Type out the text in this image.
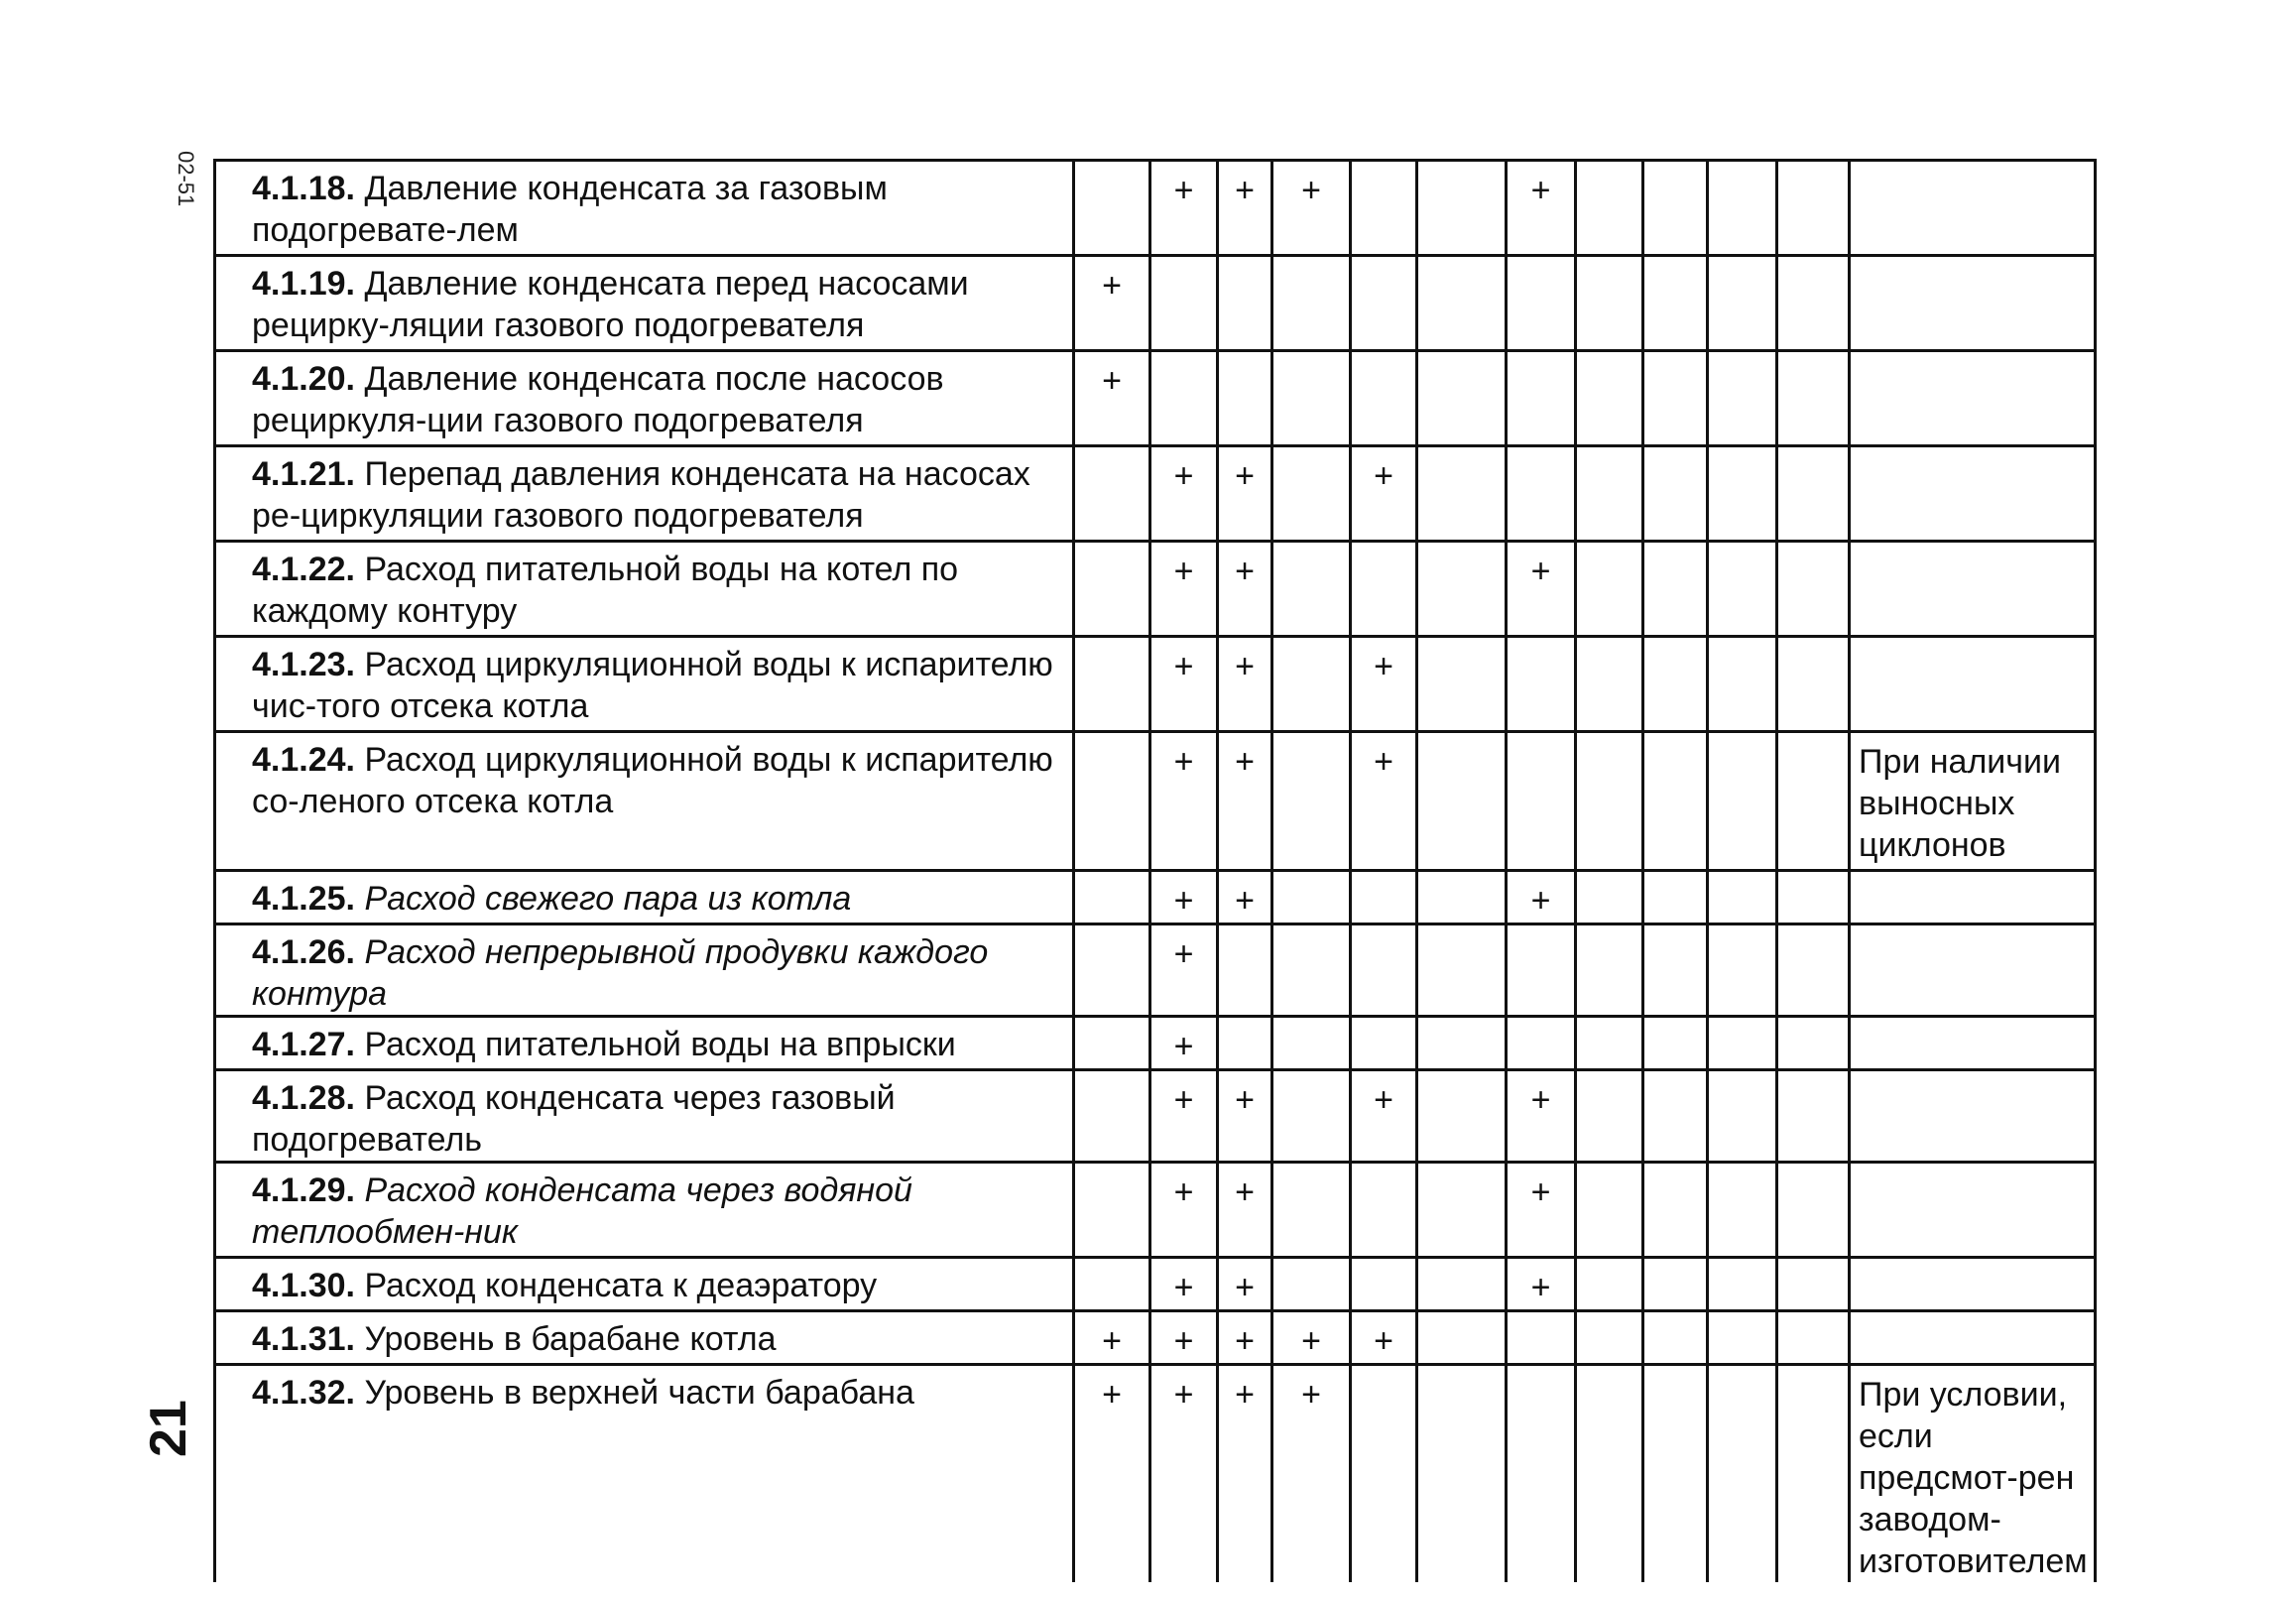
02-51
21
4.1.18. Давление конденсата за газовым подогревате-лем		+	+	+			+					
4.1.19. Давление конденсата перед насосами рецирку-ляции газового подогревателя	+											
4.1.20. Давление конденсата после насосов рециркуля-ции газового подогревателя	+											
4.1.21. Перепад давления конденсата на насосах ре-циркуляции газового подогревателя		+	+		+							
4.1.22. Расход питательной воды на котел по каждому контуру		+	+				+					
4.1.23. Расход циркуляционной воды к испарителю чис-того отсека котла		+	+		+							
4.1.24. Расход циркуляционной воды к испарителю со-леного отсека котла		+	+		+							При наличии выносных циклонов
4.1.25. Расход свежего пара из котла		+	+				+					
4.1.26. Расход непрерывной продувки каждого контура		+										
4.1.27. Расход питательной воды на впрыски		+										
4.1.28. Расход конденсата через газовый подогреватель		+	+		+		+					
4.1.29. Расход конденсата через водяной теплообмен-ник		+	+				+					
4.1.30. Расход конденсата к деаэратору		+	+				+					
4.1.31. Уровень в барабане котла	+	+	+	+	+							
4.1.32. Уровень в верхней части барабана	+	+	+	+								При условии, если предсмот-рен заводом-изготовителем
